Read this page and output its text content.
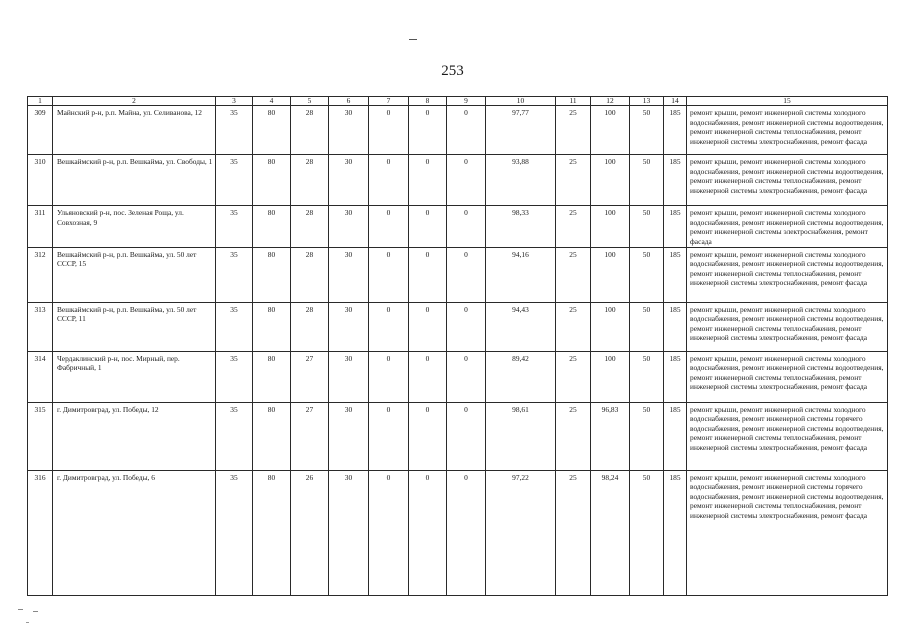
253
1	2	3	4	5	6	7	8	9	10	11	12	13	14	15
309	Майнский р-н, р.п. Майна, ул. Селиванова, 12	35	80	28	30	0	0	0	97,77	25	100	50	185	ремонт крыши, ремонт инженерной системы холодного водоснабжения, ремонт инженерной системы водоотведения, ремонт инженерной системы теплоснабжения, ремонт инженерной системы электроснабжения, ремонт фасада
310	Вешкаймский р-н, р.п. Вешкайма, ул. Свободы, 1	35	80	28	30	0	0	0	93,88	25	100	50	185	ремонт крыши, ремонт инженерной системы холодного водоснабжения, ремонт инженерной системы водоотведения, ремонт инженерной системы теплоснабжения, ремонт инженерной системы электроснабжения, ремонт фасада
311	Ульяновский р-н, пос. Зеленая Роща, ул. Совхозная, 9	35	80	28	30	0	0	0	98,33	25	100	50	185	ремонт крыши, ремонт инженерной системы холодного водоснабжения, ремонт инженерной системы водоотведения, ремонт инженерной системы электроснабжения, ремонт фасада
312	Вешкаймский р-н, р.п. Вешкайма, ул. 50 лет СССР, 15	35	80	28	30	0	0	0	94,16	25	100	50	185	ремонт крыши, ремонт инженерной системы холодного водоснабжения, ремонт инженерной системы водоотведения, ремонт инженерной системы теплоснабжения, ремонт инженерной системы электроснабжения, ремонт фасада
313	Вешкаймский р-н, р.п. Вешкайма, ул. 50 лет СССР, 11	35	80	28	30	0	0	0	94,43	25	100	50	185	ремонт крыши, ремонт инженерной системы холодного водоснабжения, ремонт инженерной системы водоотведения, ремонт инженерной системы теплоснабжения, ремонт инженерной системы электроснабжения, ремонт фасада
314	Чердаклинский р-н, пос. Мирный, пер. Фабричный, 1	35	80	27	30	0	0	0	89,42	25	100	50	185	ремонт крыши, ремонт инженерной системы холодного водоснабжения, ремонт инженерной системы водоотведения, ремонт инженерной системы теплоснабжения, ремонт инженерной системы электроснабжения, ремонт фасада
315	г. Димитровград, ул. Победы, 12	35	80	27	30	0	0	0	98,61	25	96,83	50	185	ремонт крыши, ремонт инженерной системы холодного водоснабжения, ремонт инженерной системы горячего водоснабжения, ремонт инженерной системы водоотведения, ремонт инженерной системы теплоснабжения, ремонт инженерной системы электроснабжения, ремонт фасада
316	г. Димитровград, ул. Победы, 6	35	80	26	30	0	0	0	97,22	25	98,24	50	185	ремонт крыши, ремонт инженерной системы холодного водоснабжения, ремонт инженерной системы горячего водоснабжения, ремонт инженерной системы водоотведения, ремонт инженерной системы теплоснабжения, ремонт инженерной системы электроснабжения, ремонт фасада
